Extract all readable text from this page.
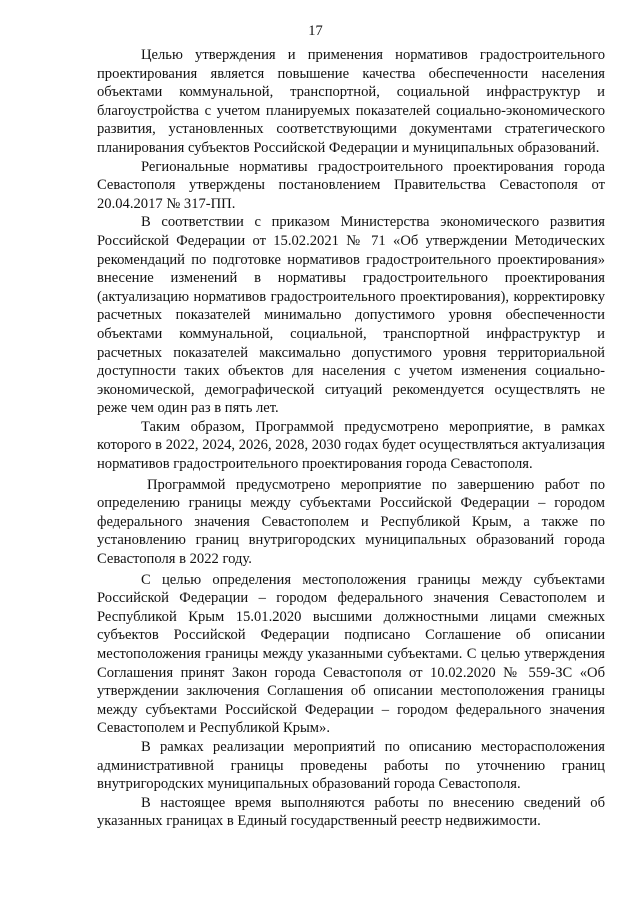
17

Целью утверждения и применения нормативов градостроительного проектирования является повышение качества обеспеченности населения объектами коммунальной, транспортной, социальной инфраструктур и благоустройства с учетом планируемых показателей социально-экономического развития, установленных соответствующими документами стратегического планирования субъектов Российской Федерации и муниципальных образований.

Региональные нормативы градостроительного проектирования города Севастополя утверждены постановлением Правительства Севастополя от 20.04.2017 № 317-ПП.

В соответствии с приказом Министерства экономического развития Российской Федерации от 15.02.2021 № 71 «Об утверждении Методических рекомендаций по подготовке нормативов градостроительного проектирования» внесение изменений в нормативы градостроительного проектирования (актуализацию нормативов градостроительного проектирования), корректировку расчетных показателей минимально допустимого уровня обеспеченности объектами коммунальной, социальной, транспортной инфраструктур и расчетных показателей максимально допустимого уровня территориальной доступности таких объектов для населения с учетом изменения социально-экономической, демографической ситуаций рекомендуется осуществлять не реже чем один раз в пять лет.

Таким образом, Программой предусмотрено мероприятие, в рамках которого в 2022, 2024, 2026, 2028, 2030 годах будет осуществляться актуализация нормативов градостроительного проектирования города Севастополя.

Программой предусмотрено мероприятие по завершению работ по определению границы между субъектами Российской Федерации – городом федерального значения Севастополем и Республикой Крым, а также по установлению границ внутригородских муниципальных образований города Севастополя в 2022 году.

С целью определения местоположения границы между субъектами Российской Федерации – городом федерального значения Севастополем и Республикой Крым 15.01.2020 высшими должностными лицами смежных субъектов Российской Федерации подписано Соглашение об описании местоположения границы между указанными субъектами. С целью утверждения Соглашения принят Закон города Севастополя от 10.02.2020 № 559-ЗС «Об утверждении заключения Соглашения об описании местоположения границы между субъектами Российской Федерации – городом федерального значения Севастополем и Республикой Крым».

В рамках реализации мероприятий по описанию месторасположения административной границы проведены работы по уточнению границ внутригородских муниципальных образований города Севастополя.

В настоящее время выполняются работы по внесению сведений об указанных границах в Единый государственный реестр недвижимости.
